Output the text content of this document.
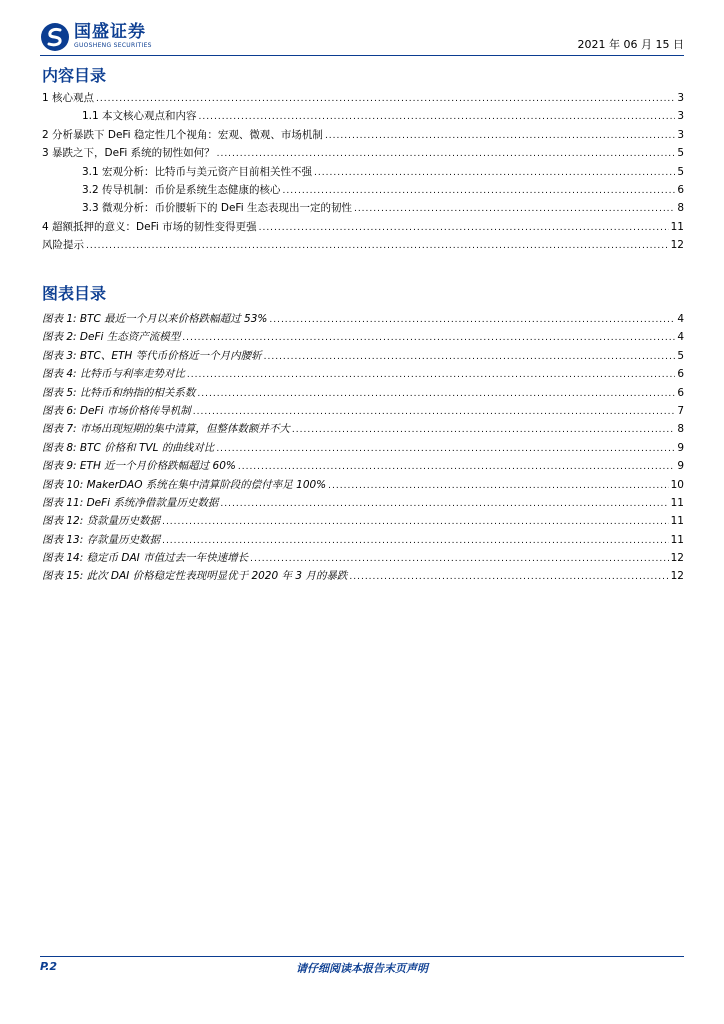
国盛证券
GUOSHENG SECURITIES	2021 年 06 月 15 日
内容目录
1 核心观点 .....	3
1.1 本文核心观点和内容 .....	3
2 分析暴跌下 DeFi 稳定性几个视角：宏观、微观、市场机制 .....	3
3 暴跌之下，DeFi 系统的韧性如何？ .....	5
3.1 宏观分析：比特币与美元资产目前相关性不强 .....	5
3.2 传导机制：币价是系统生态健康的核心 .....	6
3.3 微观分析：币价腰斩下的 DeFi 生态表现出一定的韧性 .....	8
4 超额抵押的意义：DeFi 市场的韧性变得更强 .....	11
风险提示 .....	12
图表目录
图表 1: BTC 最近一个月以来价格跌幅超过 53% .....	4
图表 2: DeFi 生态资产流模型 .....	4
图表 3: BTC、ETH 等代币价格近一个月内腰斩 .....	5
图表 4: 比特币与利率走势对比 .....	6
图表 5: 比特币和纳指的相关系数 .....	6
图表 6: DeFi 市场价格传导机制 .....	7
图表 7: 市场出现短期的集中清算，但整体数额并不大 .....	8
图表 8: BTC 价格和 TVL 的曲线对比 .....	9
图表 9: ETH 近一个月价格跌幅超过 60% .....	9
图表 10: MakerDAO 系统在集中清算阶段的偿付率足 100% .....	10
图表 11: DeFi 系统净借款量历史数据 .....	11
图表 12: 贷款量历史数据 .....	11
图表 13: 存款量历史数据 .....	11
图表 14: 稳定币 DAI 市值过去一年快速增长 .....	12
图表 15: 此次 DAI 价格稳定性表现明显优于 2020 年 3 月的暴跌 .....	12
P.2	请仔细阅读本报告末页声明
